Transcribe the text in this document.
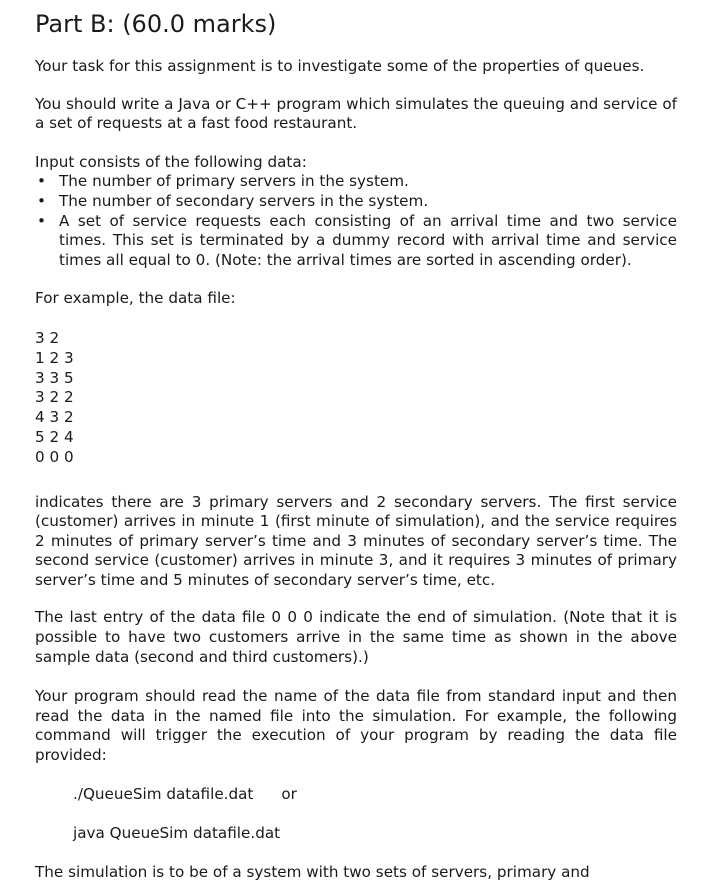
Part B: (60.0 marks)

Your task for this assignment is to investigate some of the properties of queues.

You should write a Java or C++ program which simulates the queuing and service of a set of requests at a fast food restaurant.

Input consists of the following data:

• The number of primary servers in the system.
• The number of secondary servers in the system.
• A set of service requests each consisting of an arrival time and two service times. This set is terminated by a dummy record with arrival time and service times all equal to 0. (Note: the arrival times are sorted in ascending order).

For example, the data file:

3 2
1 2 3
3 3 5
3 2 2
4 3 2
5 2 4
0 0 0

indicates there are 3 primary servers and 2 secondary servers. The first service (customer) arrives in minute 1 (first minute of simulation), and the service requires 2 minutes of primary server’s time and 3 minutes of secondary server’s time. The second service (customer) arrives in minute 3, and it requires 3 minutes of primary server’s time and 5 minutes of secondary server’s time, etc.

The last entry of the data file 0 0 0 indicate the end of simulation. (Note that it is possible to have two customers arrive in the same time as shown in the above sample data (second and third customers).)

Your program should read the name of the data file from standard input and then read the data in the named file into the simulation. For example, the following command will trigger the execution of your program by reading the data file provided:

./QueueSim datafile.dat or

java QueueSim datafile.dat

The simulation is to be of a system with two sets of servers, primary and
